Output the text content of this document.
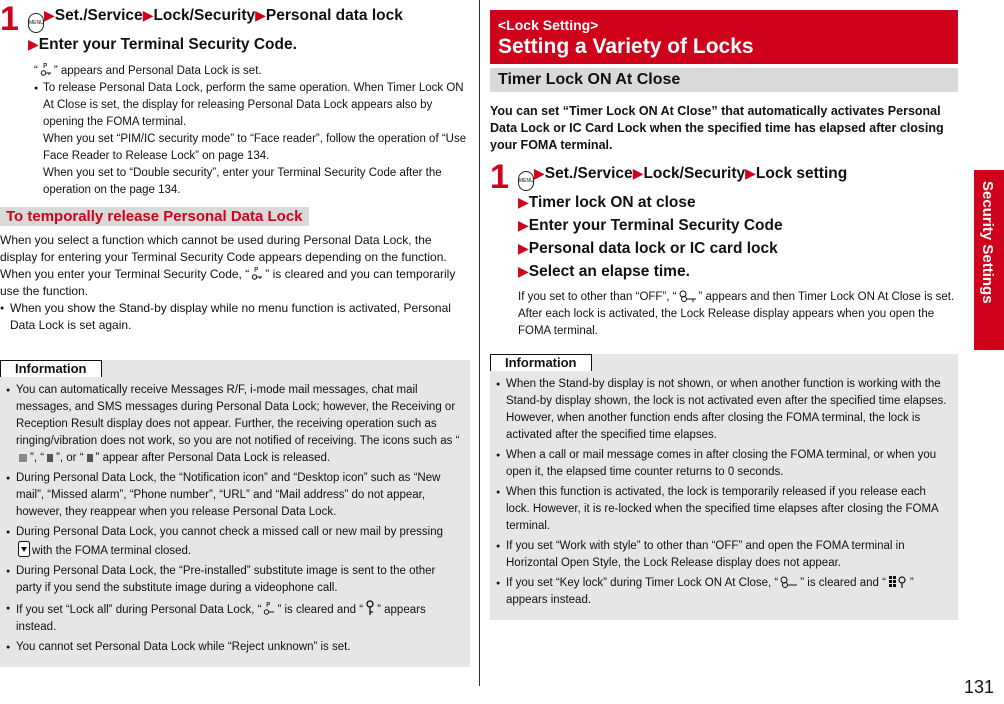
1 MENU▶Set./Service▶Lock/Security▶Personal data lock
▶Enter your Terminal Security Code.
“ P ” appears and Personal Data Lock is set.
● To release Personal Data Lock, perform the same operation. When Timer Lock ON At Close is set, the display for releasing Personal Data Lock appears also by opening the FOMA terminal.
When you set “PIM/IC security mode” to “Face reader”, follow the operation of “Use Face Reader to Release Lock” on page 134.
When you set to “Double security”, enter your Terminal Security Code after the operation on the page 134.
To temporally release Personal Data Lock
When you select a function which cannot be used during Personal Data Lock, the display for entering your Terminal Security Code appears depending on the function. When you enter your Terminal Security Code, “ P ” is cleared and you can temporarily use the function.
● When you show the Stand-by display while no menu function is activated, Personal Data Lock is set again.
Information
● You can automatically receive Messages R/F, i-mode mail messages, chat mail messages, and SMS messages during Personal Data Lock; however, the Receiving or Reception Result display does not appear. Further, the receiving operation such as ringing/vibration does not work, so you are not notified of receiving. The icons such as “”, “ ”, or “ ” appear after Personal Data Lock is released.
● During Personal Data Lock, the “Notification icon” and “Desktop icon” such as “New mail”, “Missed alarm”, “Phone number”, “URL” and “Mail address” do not appear, however, they reappear when you release Personal Data Lock.
● During Personal Data Lock, you cannot check a missed call or new mail by pressing
with the FOMA terminal closed.
● During Personal Data Lock, the “Pre-installed” substitute image is sent to the other party if you send the substitute image during a videophone call.
● If you set “Lock all” during Personal Data Lock, “ P ” is cleared and “ ” appears instead.
● You cannot set Personal Data Lock while “Reject unknown” is set.
<Lock Setting>
Setting a Variety of Locks
Timer Lock ON At Close
You can set “Timer Lock ON At Close” that automatically activates Personal Data Lock or IC Card Lock when the specified time has elapsed after closing your FOMA terminal.
1 MENU▶Set./Service▶Lock/Security▶Lock setting
▶Timer lock ON at close
▶Enter your Terminal Security Code
▶Personal data lock or IC card lock
▶Select an elapse time.
If you set to other than “OFF”, “ ” appears and then Timer Lock ON At Close is set. After each lock is activated, the Lock Release display appears when you open the FOMA terminal.
Information
● When the Stand-by display is not shown, or when another function is working with the Stand-by display shown, the lock is not activated even after the specified time elapses. However, when another function ends after closing the FOMA terminal, the lock is activated after the specified time elapses.
● When a call or mail message comes in after closing the FOMA terminal, or when you open it, the elapsed time counter returns to 0 seconds.
● When this function is activated, the lock is temporarily released if you release each lock. However, it is re-locked when the specified time elapses after closing the FOMA terminal.
● If you set “Work with style” to other than “OFF” and open the FOMA terminal in Horizontal Open Style, the Lock Release display does not appear.
● If you set “Key lock” during Timer Lock ON At Close, “ ” is cleared and “ ” appears instead.
Security Settings
131
